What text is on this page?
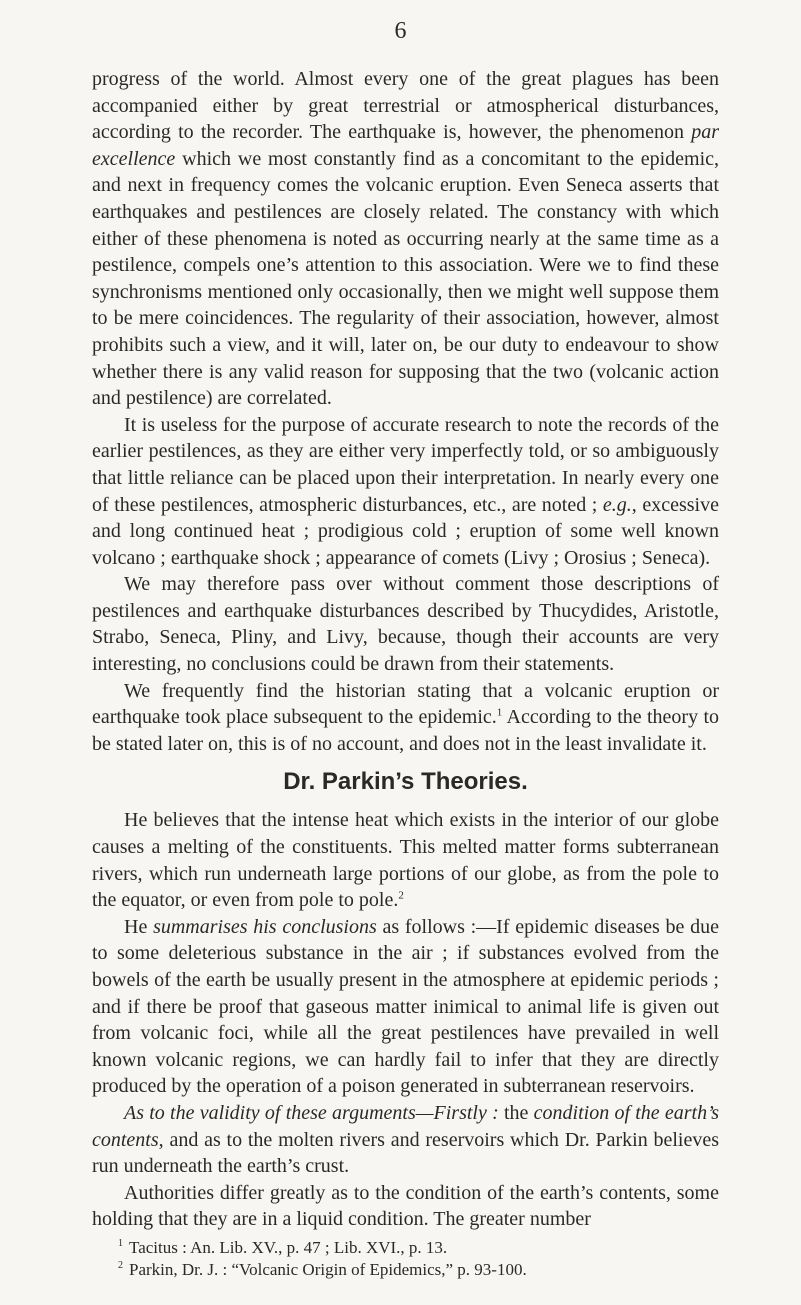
6

progress of the world. Almost every one of the great plagues has been accompanied either by great terrestrial or atmospherical disturbances, according to the recorder. The earthquake is, however, the phenomenon par excellence which we most constantly find as a concomitant to the epidemic, and next in frequency comes the volcanic eruption. Even Seneca asserts that earthquakes and pestilences are closely related. The constancy with which either of these phenomena is noted as occurring nearly at the same time as a pestilence, compels one’s attention to this association. Were we to find these synchronisms mentioned only occasionally, then we might well suppose them to be mere coincidences. The regularity of their association, however, almost prohibits such a view, and it will, later on, be our duty to endeavour to show whether there is any valid reason for supposing that the two (volcanic action and pestilence) are correlated.

It is useless for the purpose of accurate research to note the records of the earlier pestilences, as they are either very imperfectly told, or so ambiguously that little reliance can be placed upon their interpretation. In nearly every one of these pestilences, atmospheric disturbances, etc., are noted ; e.g., excessive and long continued heat ; prodigious cold ; eruption of some well known volcano ; earthquake shock ; appearance of comets (Livy ; Orosius ; Seneca).

We may therefore pass over without comment those descriptions of pestilences and earthquake disturbances described by Thucydides, Aristotle, Strabo, Seneca, Pliny, and Livy, because, though their accounts are very interesting, no conclusions could be drawn from their statements.

We frequently find the historian stating that a volcanic eruption or earthquake took place subsequent to the epidemic.$^1$ According to the theory to be stated later on, this is of no account, and does not in the least invalidate it.

Dr. Parkin’s Theories.

He believes that the intense heat which exists in the interior of our globe causes a melting of the constituents. This melted matter forms subterranean rivers, which run underneath large portions of our globe, as from the pole to the equator, or even from pole to pole.$^2$

He summarises his conclusions as follows :—If epidemic diseases be due to some deleterious substance in the air ; if substances evolved from the bowels of the earth be usually present in the atmosphere at epidemic periods ; and if there be proof that gaseous matter inimical to animal life is given out from volcanic foci, while all the great pestilences have prevailed in well known volcanic regions, we can hardly fail to infer that they are directly produced by the operation of a poison generated in subterranean reservoirs.

As to the validity of these arguments—Firstly : the condition of the earth’s contents, and as to the molten rivers and reservoirs which Dr. Parkin believes run underneath the earth’s crust.

Authorities differ greatly as to the condition of the earth’s contents, some holding that they are in a liquid condition. The greater number

$^1$ Tacitus : An. Lib. XV., p. 47 ; Lib. XVI., p. 13.
$^2$ Parkin, Dr. J. : “Volcanic Origin of Epidemics,” p. 93-100.
